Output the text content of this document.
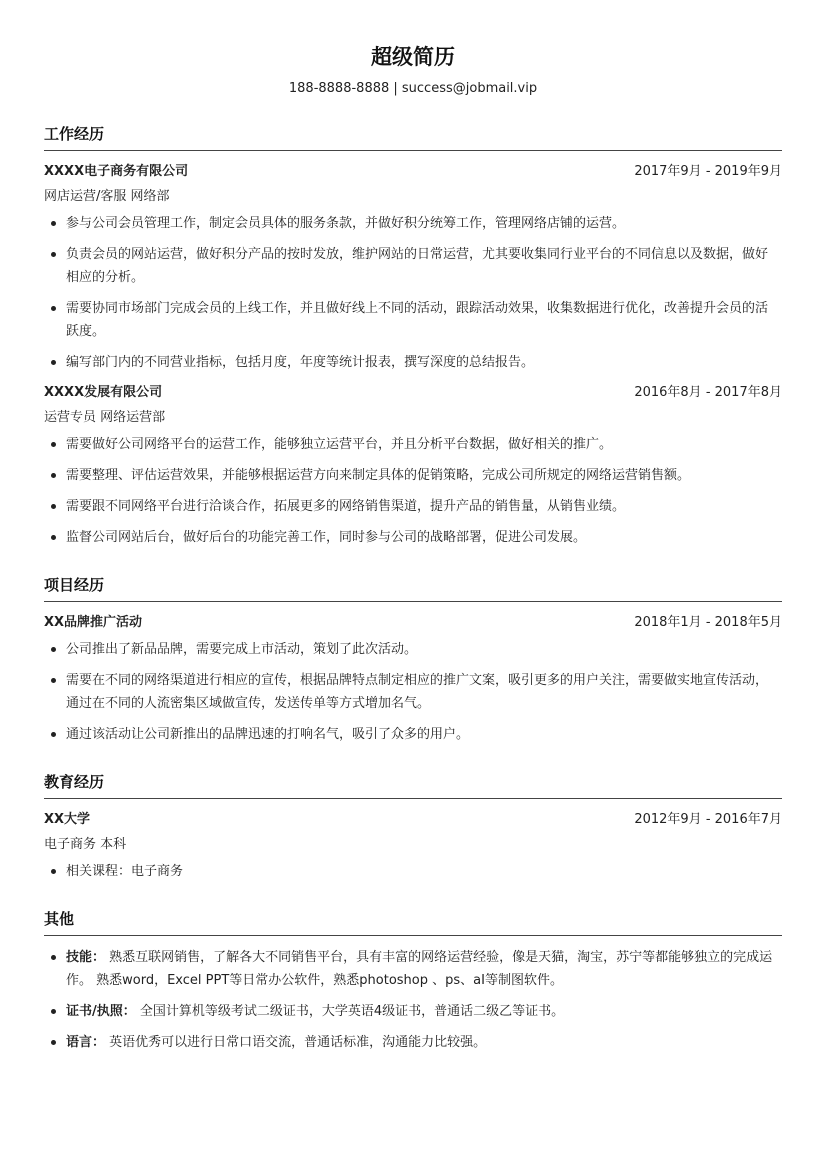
超级简历
188-8888-8888 | success@jobmail.vip
工作经历
XXXX电子商务有限公司	2017年9月 - 2019年9月
网店运营/客服 网络部
参与公司会员管理工作，制定会员具体的服务条款，并做好积分统筹工作，管理网络店铺的运营。
负责会员的网站运营，做好积分产品的按时发放，维护网站的日常运营，尤其要收集同行业平台的不同信息以及数据，做好相应的分析。
需要协同市场部门完成会员的上线工作，并且做好线上不同的活动，跟踪活动效果，收集数据进行优化，改善提升会员的活跃度。
编写部门内的不同营业指标，包括月度，年度等统计报表，撰写深度的总结报告。
XXXX发展有限公司	2016年8月 - 2017年8月
运营专员 网络运营部
需要做好公司网络平台的运营工作，能够独立运营平台，并且分析平台数据，做好相关的推广。
需要整理、评估运营效果，并能够根据运营方向来制定具体的促销策略，完成公司所规定的网络运营销售额。
需要跟不同网络平台进行洽谈合作，拓展更多的网络销售渠道，提升产品的销售量，从销售业绩。
监督公司网站后台，做好后台的功能完善工作，同时参与公司的战略部署，促进公司发展。
项目经历
XX品牌推广活动	2018年1月 - 2018年5月
公司推出了新品品牌，需要完成上市活动，策划了此次活动。
需要在不同的网络渠道进行相应的宣传，根据品牌特点制定相应的推广文案，吸引更多的用户关注，需要做实地宣传活动，通过在不同的人流密集区域做宣传，发送传单等方式增加名气。
通过该活动让公司新推出的品牌迅速的打响名气，吸引了众多的用户。
教育经历
XX大学	2012年9月 - 2016年7月
电子商务 本科
相关课程：电子商务
其他
技能： 熟悉互联网销售，了解各大不同销售平台，具有丰富的网络运营经验，像是天猫，淘宝，苏宁等都能够独立的完成运作。 熟悉word，Excel PPT等日常办公软件，熟悉photoshop 、ps、aI等制图软件。
证书/执照： 全国计算机等级考试二级证书，大学英语4级证书，普通话二级乙等证书。
语言： 英语优秀可以进行日常口语交流，普通话标准，沟通能力比较强。
